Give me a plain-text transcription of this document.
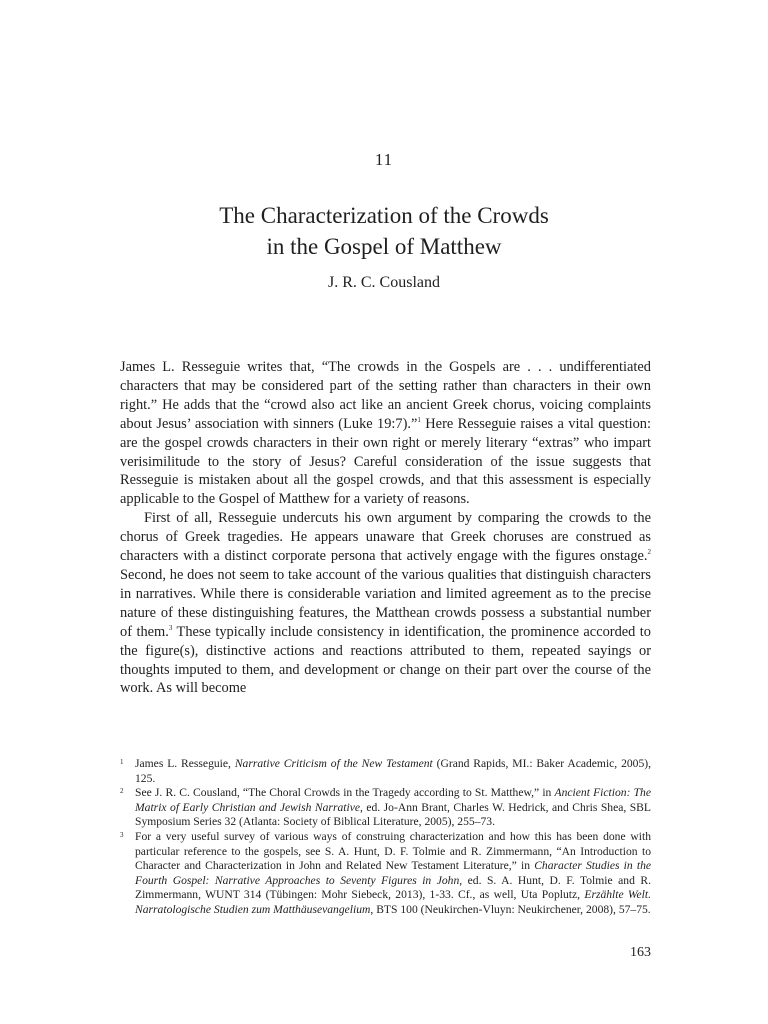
11
The Characterization of the Crowds
in the Gospel of Matthew
J. R. C. Cousland

James L. Resseguie writes that, “The crowds in the Gospels are . . . undifferentiated characters that may be considered part of the setting rather than characters in their own right.” He adds that the “crowd also act like an ancient Greek chorus, voicing complaints about Jesus’ association with sinners (Luke 19:7).”$^1$ Here Resseguie raises a vital question: are the gospel crowds characters in their own right or merely literary “extras” who impart verisimilitude to the story of Jesus? Careful consideration of the issue suggests that Resseguie is mistaken about all the gospel crowds, and that this assessment is especially applicable to the Gospel of Matthew for a variety of reasons.

First of all, Resseguie undercuts his own argument by comparing the crowds to the chorus of Greek tragedies. He appears unaware that Greek choruses are construed as characters with a distinct corporate persona that actively engage with the figures onstage.$^2$ Second, he does not seem to take account of the various qualities that distinguish characters in narratives. While there is considerable variation and limited agreement as to the precise nature of these distinguishing features, the Matthean crowds possess a substantial number of them.$^3$ These typically include consistency in identification, the prominence accorded to the figure(s), distinctive actions and reactions attributed to them, repeated sayings or thoughts imputed to them, and development or change on their part over the course of the work. As will become

1 James L. Resseguie, Narrative Criticism of the New Testament (Grand Rapids, MI.: Baker Academic, 2005), 125.

2 See J. R. C. Cousland, “The Choral Crowds in the Tragedy according to St. Matthew,” in Ancient Fiction: The Matrix of Early Christian and Jewish Narrative, ed. Jo-Ann Brant, Charles W. Hedrick, and Chris Shea, SBL Symposium Series 32 (Atlanta: Society of Biblical Literature, 2005), 255–73.

3 For a very useful survey of various ways of construing characterization and how this has been done with particular reference to the gospels, see S. A. Hunt, D. F. Tolmie and R. Zimmermann, “An Introduction to Character and Characterization in John and Related New Testament Literature,” in Character Studies in the Fourth Gospel: Narrative Approaches to Seventy Figures in John, ed. S. A. Hunt, D. F. Tolmie and R. Zimmermann, WUNT 314 (Tübingen: Mohr Siebeck, 2013), 1-33. Cf., as well, Uta Poplutz, Erzählte Welt. Narratologische Studien zum Matthäusevangelium, BTS 100 (Neukirchen-Vluyn: Neukirchener, 2008), 57–75.

163
